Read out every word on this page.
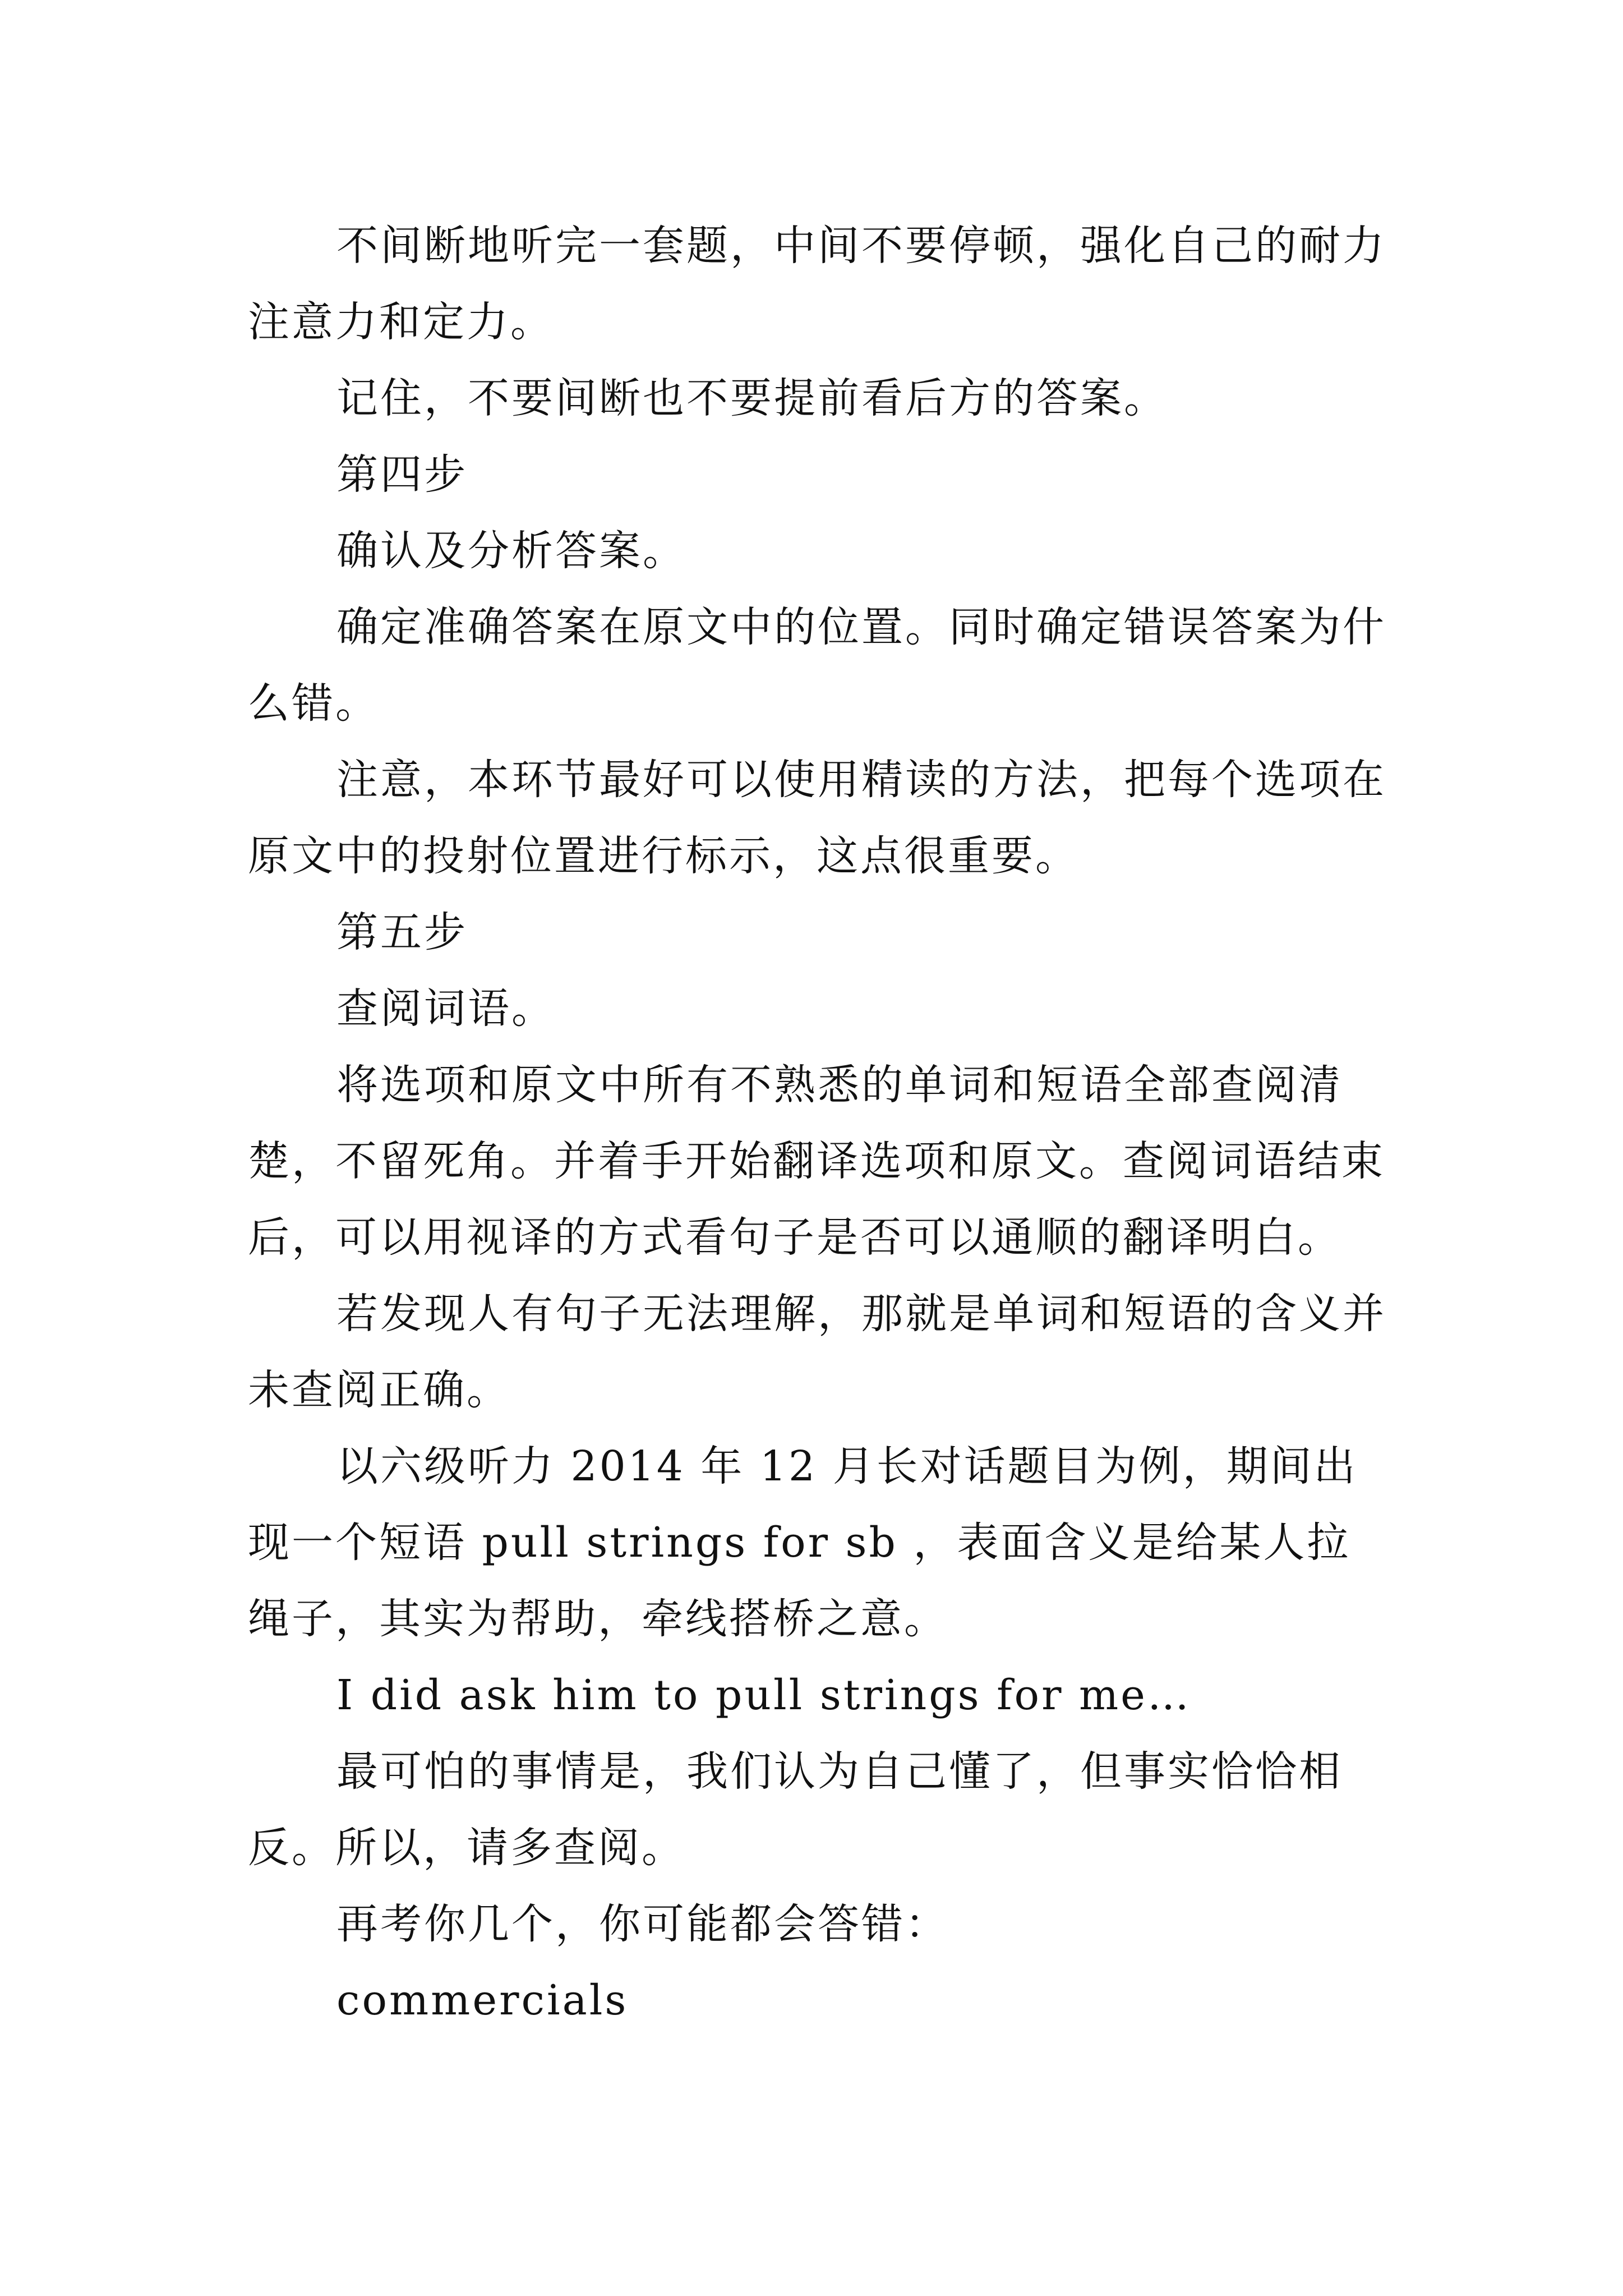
不间断地听完一套题，中间不要停顿，强化自己的耐力注意力和定力。

记住，不要间断也不要提前看后方的答案。

第四步

确认及分析答案。

确定准确答案在原文中的位置。同时确定错误答案为什么错。

注意，本环节最好可以使用精读的方法，把每个选项在原文中的投射位置进行标示，这点很重要。

第五步

查阅词语。

将选项和原文中所有不熟悉的单词和短语全部查阅清楚，不留死角。并着手开始翻译选项和原文。查阅词语结束后，可以用视译的方式看句子是否可以通顺的翻译明白。

若发现人有句子无法理解，那就是单词和短语的含义并未查阅正确。

以六级听力 2014 年 12 月长对话题目为例，期间出现一个短语 pull strings for sb ，表面含义是给某人拉绳子，其实为帮助，牵线搭桥之意。

I did ask him to pull strings for me…

最可怕的事情是，我们认为自己懂了，但事实恰恰相反。所以，请多查阅。

再考你几个，你可能都会答错：

commercials
